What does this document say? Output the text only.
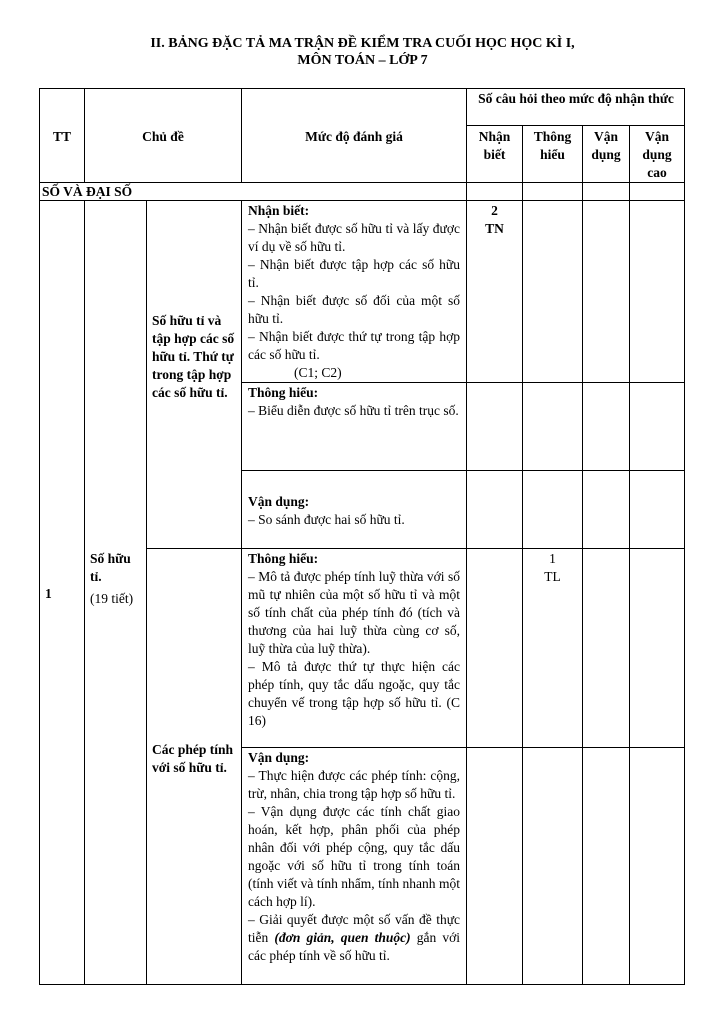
II. BẢNG ĐẶC TẢ MA TRẬN ĐỀ KIỂM TRA CUỐI HỌC HỌC KÌ I,
MÔN TOÁN – LỚP 7
TT	Chủ đề	Mức độ đánh giá
Số câu hỏi theo mức độ nhận thức
Nhận biết
Thông hiểu
Vận dụng
Vận dụng cao
SỐ VÀ ĐẠI SỐ
1
Số hữu tỉ.
(19 tiết)
Số hữu tỉ và tập hợp các số hữu tỉ. Thứ tự trong tập hợp các số hữu tỉ.
Các phép tính với số hữu tỉ.
Nhận biết:
– Nhận biết được số hữu tỉ và lấy được ví dụ về số hữu tỉ.
– Nhận biết được tập hợp các số hữu tỉ.
– Nhận biết được số đối của một số hữu tỉ.
– Nhận biết được thứ tự trong tập hợp các số hữu tỉ.
(C1; C2)
2
TN
Thông hiểu:
– Biểu diễn được số hữu tỉ trên trục số.
Vận dụng:
– So sánh được hai số hữu tỉ.
Thông hiểu:
– Mô tả được phép tính luỹ thừa với số mũ tự nhiên của một số hữu tỉ và một số tính chất của phép tính đó (tích và thương của hai luỹ thừa cùng cơ số, luỹ thừa của luỹ thừa).
– Mô tả được thứ tự thực hiện các phép tính, quy tắc dấu ngoặc, quy tắc chuyển vế trong tập hợp số hữu tỉ. (C 16)
1
TL
Vận dụng:
– Thực hiện được các phép tính: cộng, trừ, nhân, chia trong tập hợp số hữu tỉ.
– Vận dụng được các tính chất giao hoán, kết hợp, phân phối của phép nhân đối với phép cộng, quy tắc dấu ngoặc với số hữu tỉ trong tính toán (tính viết và tính nhẩm, tính nhanh một cách hợp lí).
– Giải quyết được một số vấn đề thực tiễn (đơn giản, quen thuộc) gắn với các phép tính về số hữu tỉ.
